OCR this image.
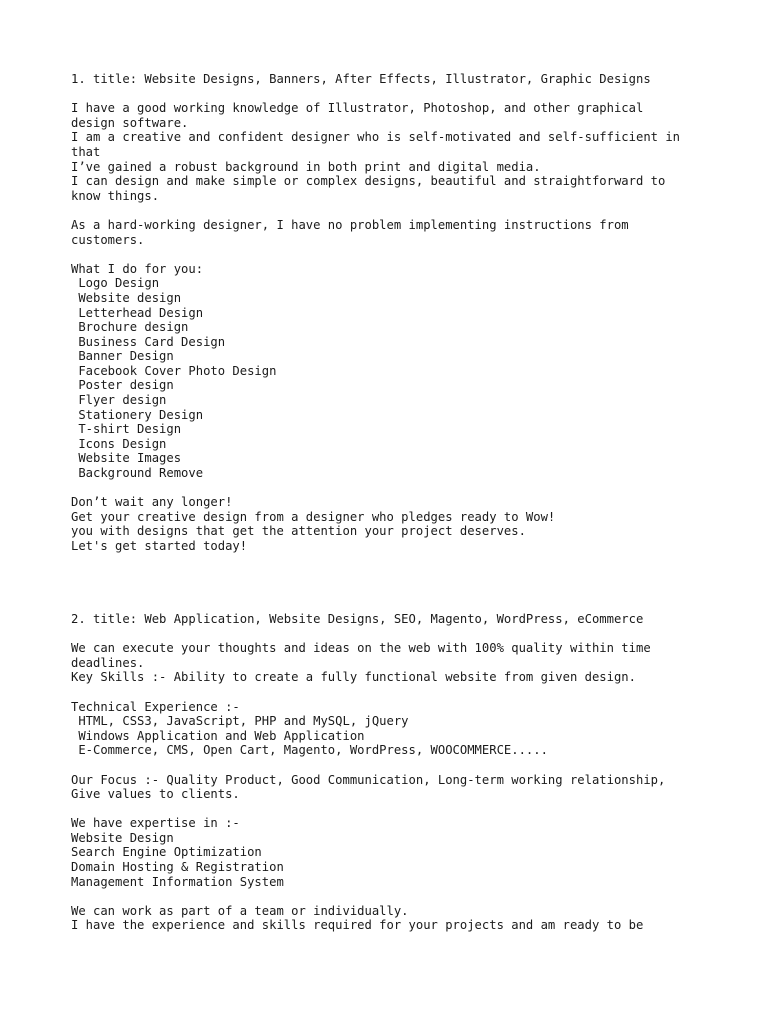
1. title: Website Designs, Banners, After Effects, Illustrator, Graphic Designs
I have a good working knowledge of Illustrator, Photoshop, and other graphical
design software.
I am a creative and confident designer who is self-motivated and self-sufficient in
that
I’ve gained a robust background in both print and digital media.
I can design and make simple or complex designs, beautiful and straightforward to
know things.
As a hard-working designer, I have no problem implementing instructions from
customers.
What I do for you:
Logo Design
Website design
Letterhead Design
Brochure design
Business Card Design
Banner Design
Facebook Cover Photo Design
Poster design
Flyer design
Stationery Design
T-shirt Design
Icons Design
Website Images
Background Remove
Don’t wait any longer!
Get your creative design from a designer who pledges ready to Wow!
you with designs that get the attention your project deserves.
Let's get started today!
2. title: Web Application, Website Designs, SEO, Magento, WordPress, eCommerce
We can execute your thoughts and ideas on the web with 100% quality within time
deadlines.
Key Skills :- Ability to create a fully functional website from given design.
Technical Experience :-
HTML, CSS3, JavaScript, PHP and MySQL, jQuery
Windows Application and Web Application
E-Commerce, CMS, Open Cart, Magento, WordPress, WOOCOMMERCE.....
Our Focus :- Quality Product, Good Communication, Long-term working relationship,
Give values to clients.
We have expertise in :-
Website Design
Search Engine Optimization
Domain Hosting & Registration
Management Information System
We can work as part of a team or individually.
I have the experience and skills required for your projects and am ready to be
